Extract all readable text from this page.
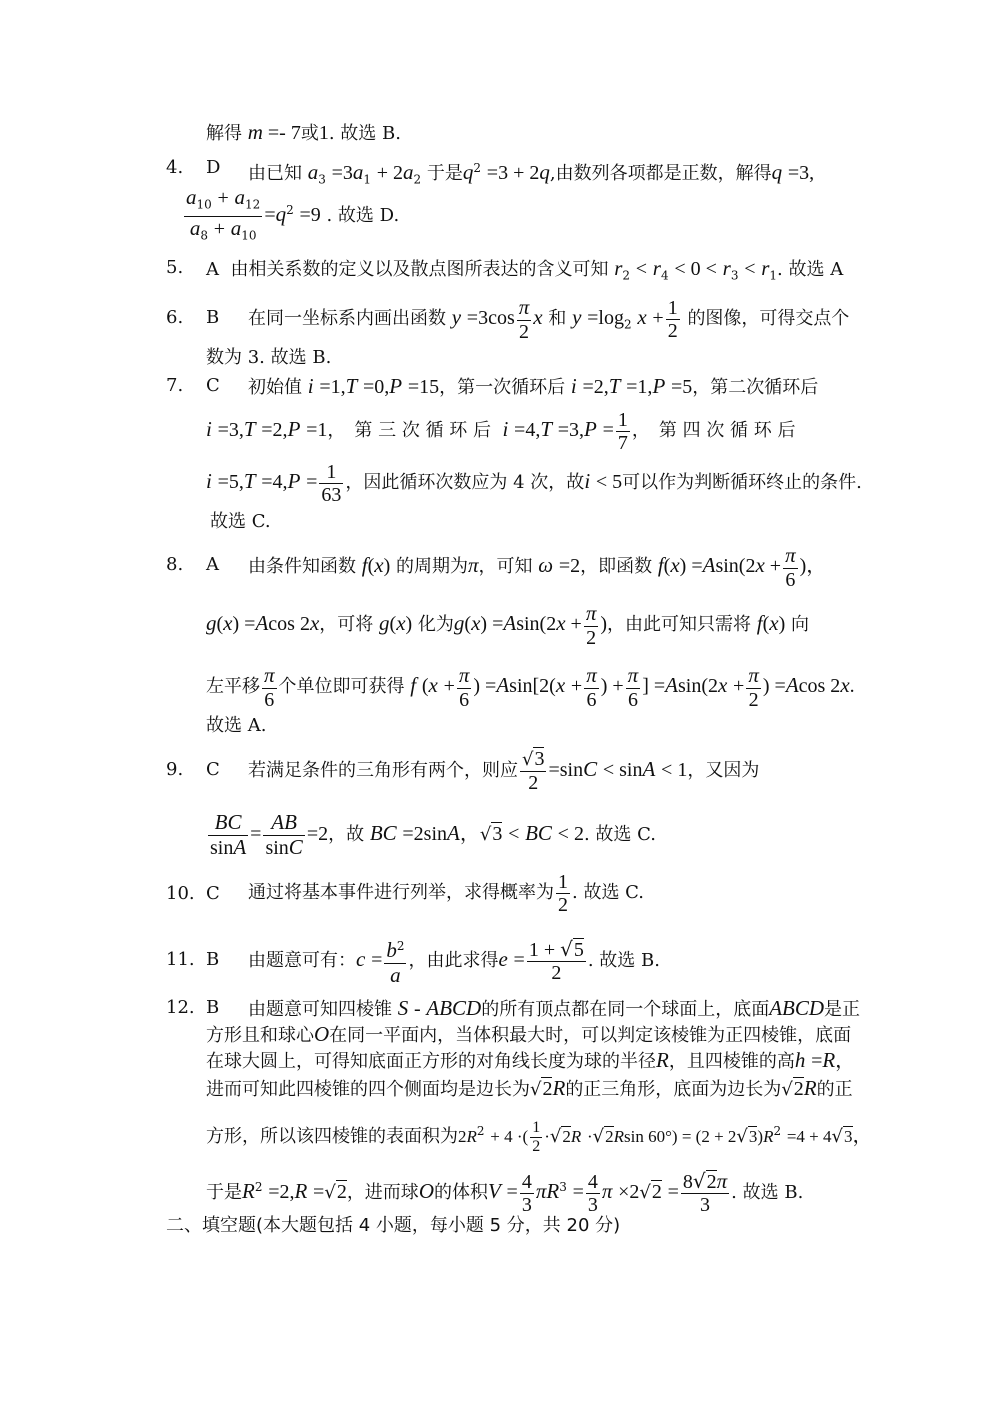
解得 m =- 7或1. 故选 B.
4.	D	由已知 $a_3 =3a_1 + 2a_2$ 于是$q^2 =3 + 2q$,由数列各项都是正数，解得q =3,
$\frac{a_{10} + a_{12}}{a_8 + a_{10}} =q^2 =9$ . 故选 D.
5.	A 由相关系数的定义以及散点图所表达的含义可知 $r_2 < r_4 < 0 < r_3 < r_1$. 故选 A
6.	B	在同一坐标系内画出函数 $y =3\cos \frac{\pi}{2}$ x 和 $y =\log_2$ $x + \frac{1}{2}$ 的图像，可得交点个
数为 3. 故选 B.
7.	C	初始值 i =1,T =0,P =15，第一次循环后 i =2,T =1,P =5，第二次循环后
i =3,T =2,P =1，　第 三 次 循 环 后 $i =4,T =3,P = \frac{1}{7}$ ，　第 四 次 循 环 后
$i =5,T =4,P = \frac{1}{63}$ ，因此循环次数应为 4 次，故i < 5可以作为判断循环终止的条件.
故选 C.
8.	A	由条件知函数 f(x) 的周期为π，可知 ω =2，即函数 $f(x) =Asin(2x + \frac{\pi}{6}$ )，
g(x) =Acos 2x，可将 g(x) 化为$g(x) =Asin(2x + \frac{\pi}{2}$ )，由此可知只需将 f(x) 向
左平移 $\frac{\pi}{6}$ 个单位即可获得 f ($x + \frac{\pi}{6}$ ) $=Asin[2(x + \frac{\pi}{6}$ ) + $\frac{\pi}{6}$ ] $=Asin(2x + \frac{\pi}{2}$ ) =Acos 2x.
故选 A.
9.	C	若满足条件的三角形有两个，则应 $\frac{√3}{2} =\sin C < \sin A < 1$，又因为
$\frac{BC}{\sin A} = \frac{AB}{\sin C} =2$，故 BC =2sinA，√3 < BC < 2. 故选 C.
10. C	通过将基本事件进行列举，求得概率为 $\frac{1}{2}$ . 故选 C.
11. B	由题意可有：$c = \frac{b^2}{a}$ ，由此求得$e = \frac{1 + √5}{2}$ . 故选 B.
12. B	由题意可知四棱锥 S - ABCD的所有顶点都在同一个球面上，底面ABCD是正
方形且和球心O在同一平面内，当体积最大时，可以判定该棱锥为正四棱锥，底面
在球大圆上，可得知底面正方形的对角线长度为球的半径R，且四棱锥的高h =R，
进而可知此四棱锥的四个侧面均是边长为√2R的正三角形，底面为边长为√2R的正
方形，所以该四棱锥的表面积为$2R^2 + 4$ ·( $\frac{1}{2} \cdot√2R \cdot√2Rsin$ $60^\circ) = (2 + 2√3)R^2 =4 + 4√3$，
于是$R^2 =2,R =√2$，进而球O的体积$V = \frac{4}{3} \pi R^3 = \frac{4}{3}$ $\pi \times 2√2 = \frac{8√2\pi}{3}$ . 故选 B.
二、填空题(本大题包括 4 小题，每小题 5 分，共 20 分)
